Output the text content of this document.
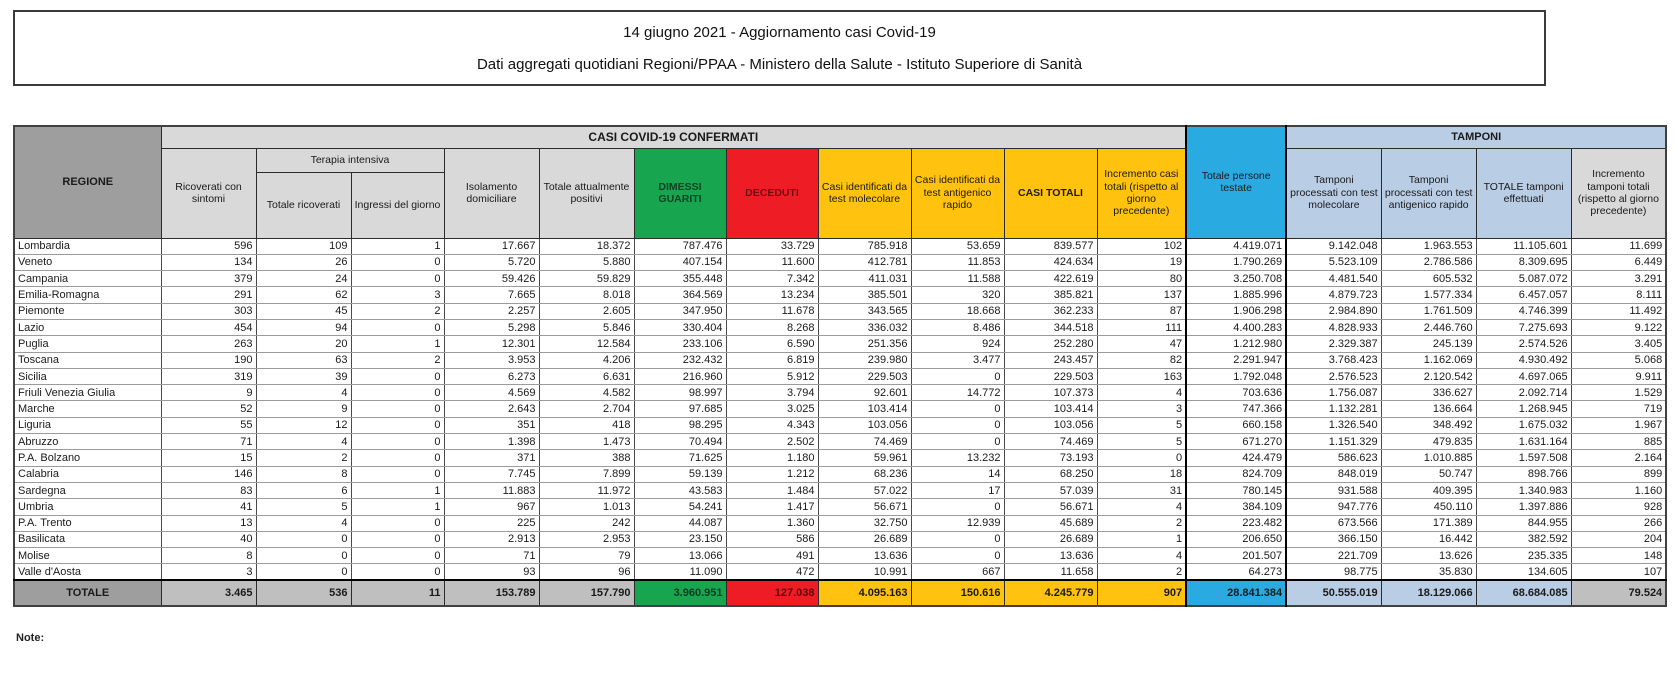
14 giugno 2021 - Aggiornamento casi Covid-19
Dati aggregati quotidiani Regioni/PPAA - Ministero della Salute - Istituto Superiore di Sanità
REGIONE	CASI COVID-19 CONFERMATI											Totale persone testate	TAMPONI			
	Ricoverati con sintomi	Terapia intensiva		Isolamento domiciliare	Totale attualmente positivi	DIMESSI GUARITI	DECEDUTI	Casi identificati da test molecolare	Casi identificati da test antigenico rapido	CASI TOTALI	Incremento casi totali (rispetto al giorno precedente)		Tamponi processati con test molecolare	Tamponi processati con test antigenico rapido	TOTALE tamponi effettuati	Incremento tamponi totali (rispetto al giorno precedente)
		Totale ricoverati	Ingressi del giorno													
Lombardia	596	109	1	17.667	18.372	787.476	33.729	785.918	53.659	839.577	102	4.419.071	9.142.048	1.963.553	11.105.601	11.699
Veneto	134	26	0	5.720	5.880	407.154	11.600	412.781	11.853	424.634	19	1.790.269	5.523.109	2.786.586	8.309.695	6.449
Campania	379	24	0	59.426	59.829	355.448	7.342	411.031	11.588	422.619	80	3.250.708	4.481.540	605.532	5.087.072	3.291
Emilia-Romagna	291	62	3	7.665	8.018	364.569	13.234	385.501	320	385.821	137	1.885.996	4.879.723	1.577.334	6.457.057	8.111
Piemonte	303	45	2	2.257	2.605	347.950	11.678	343.565	18.668	362.233	87	1.906.298	2.984.890	1.761.509	4.746.399	11.492
Lazio	454	94	0	5.298	5.846	330.404	8.268	336.032	8.486	344.518	111	4.400.283	4.828.933	2.446.760	7.275.693	9.122
Puglia	263	20	1	12.301	12.584	233.106	6.590	251.356	924	252.280	47	1.212.980	2.329.387	245.139	2.574.526	3.405
Toscana	190	63	2	3.953	4.206	232.432	6.819	239.980	3.477	243.457	82	2.291.947	3.768.423	1.162.069	4.930.492	5.068
Sicilia	319	39	0	6.273	6.631	216.960	5.912	229.503	0	229.503	163	1.792.048	2.576.523	2.120.542	4.697.065	9.911
Friuli Venezia Giulia	9	4	0	4.569	4.582	98.997	3.794	92.601	14.772	107.373	4	703.636	1.756.087	336.627	2.092.714	1.529
Marche	52	9	0	2.643	2.704	97.685	3.025	103.414	0	103.414	3	747.366	1.132.281	136.664	1.268.945	719
Liguria	55	12	0	351	418	98.295	4.343	103.056	0	103.056	5	660.158	1.326.540	348.492	1.675.032	1.967
Abruzzo	71	4	0	1.398	1.473	70.494	2.502	74.469	0	74.469	5	671.270	1.151.329	479.835	1.631.164	885
P.A. Bolzano	15	2	0	371	388	71.625	1.180	59.961	13.232	73.193	0	424.479	586.623	1.010.885	1.597.508	2.164
Calabria	146	8	0	7.745	7.899	59.139	1.212	68.236	14	68.250	18	824.709	848.019	50.747	898.766	899
Sardegna	83	6	1	11.883	11.972	43.583	1.484	57.022	17	57.039	31	780.145	931.588	409.395	1.340.983	1.160
Umbria	41	5	1	967	1.013	54.241	1.417	56.671	0	56.671	4	384.109	947.776	450.110	1.397.886	928
P.A. Trento	13	4	0	225	242	44.087	1.360	32.750	12.939	45.689	2	223.482	673.566	171.389	844.955	266
Basilicata	40	0	0	2.913	2.953	23.150	586	26.689	0	26.689	1	206.650	366.150	16.442	382.592	204
Molise	8	0	0	71	79	13.066	491	13.636	0	13.636	4	201.507	221.709	13.626	235.335	148
Valle d'Aosta	3	0	0	93	96	11.090	472	10.991	667	11.658	2	64.273	98.775	35.830	134.605	107
TOTALE	3.465	536	11	153.789	157.790	3.960.951	127.038	4.095.163	150.616	4.245.779	907	28.841.384	50.555.019	18.129.066	68.684.085	79.524
Note:
